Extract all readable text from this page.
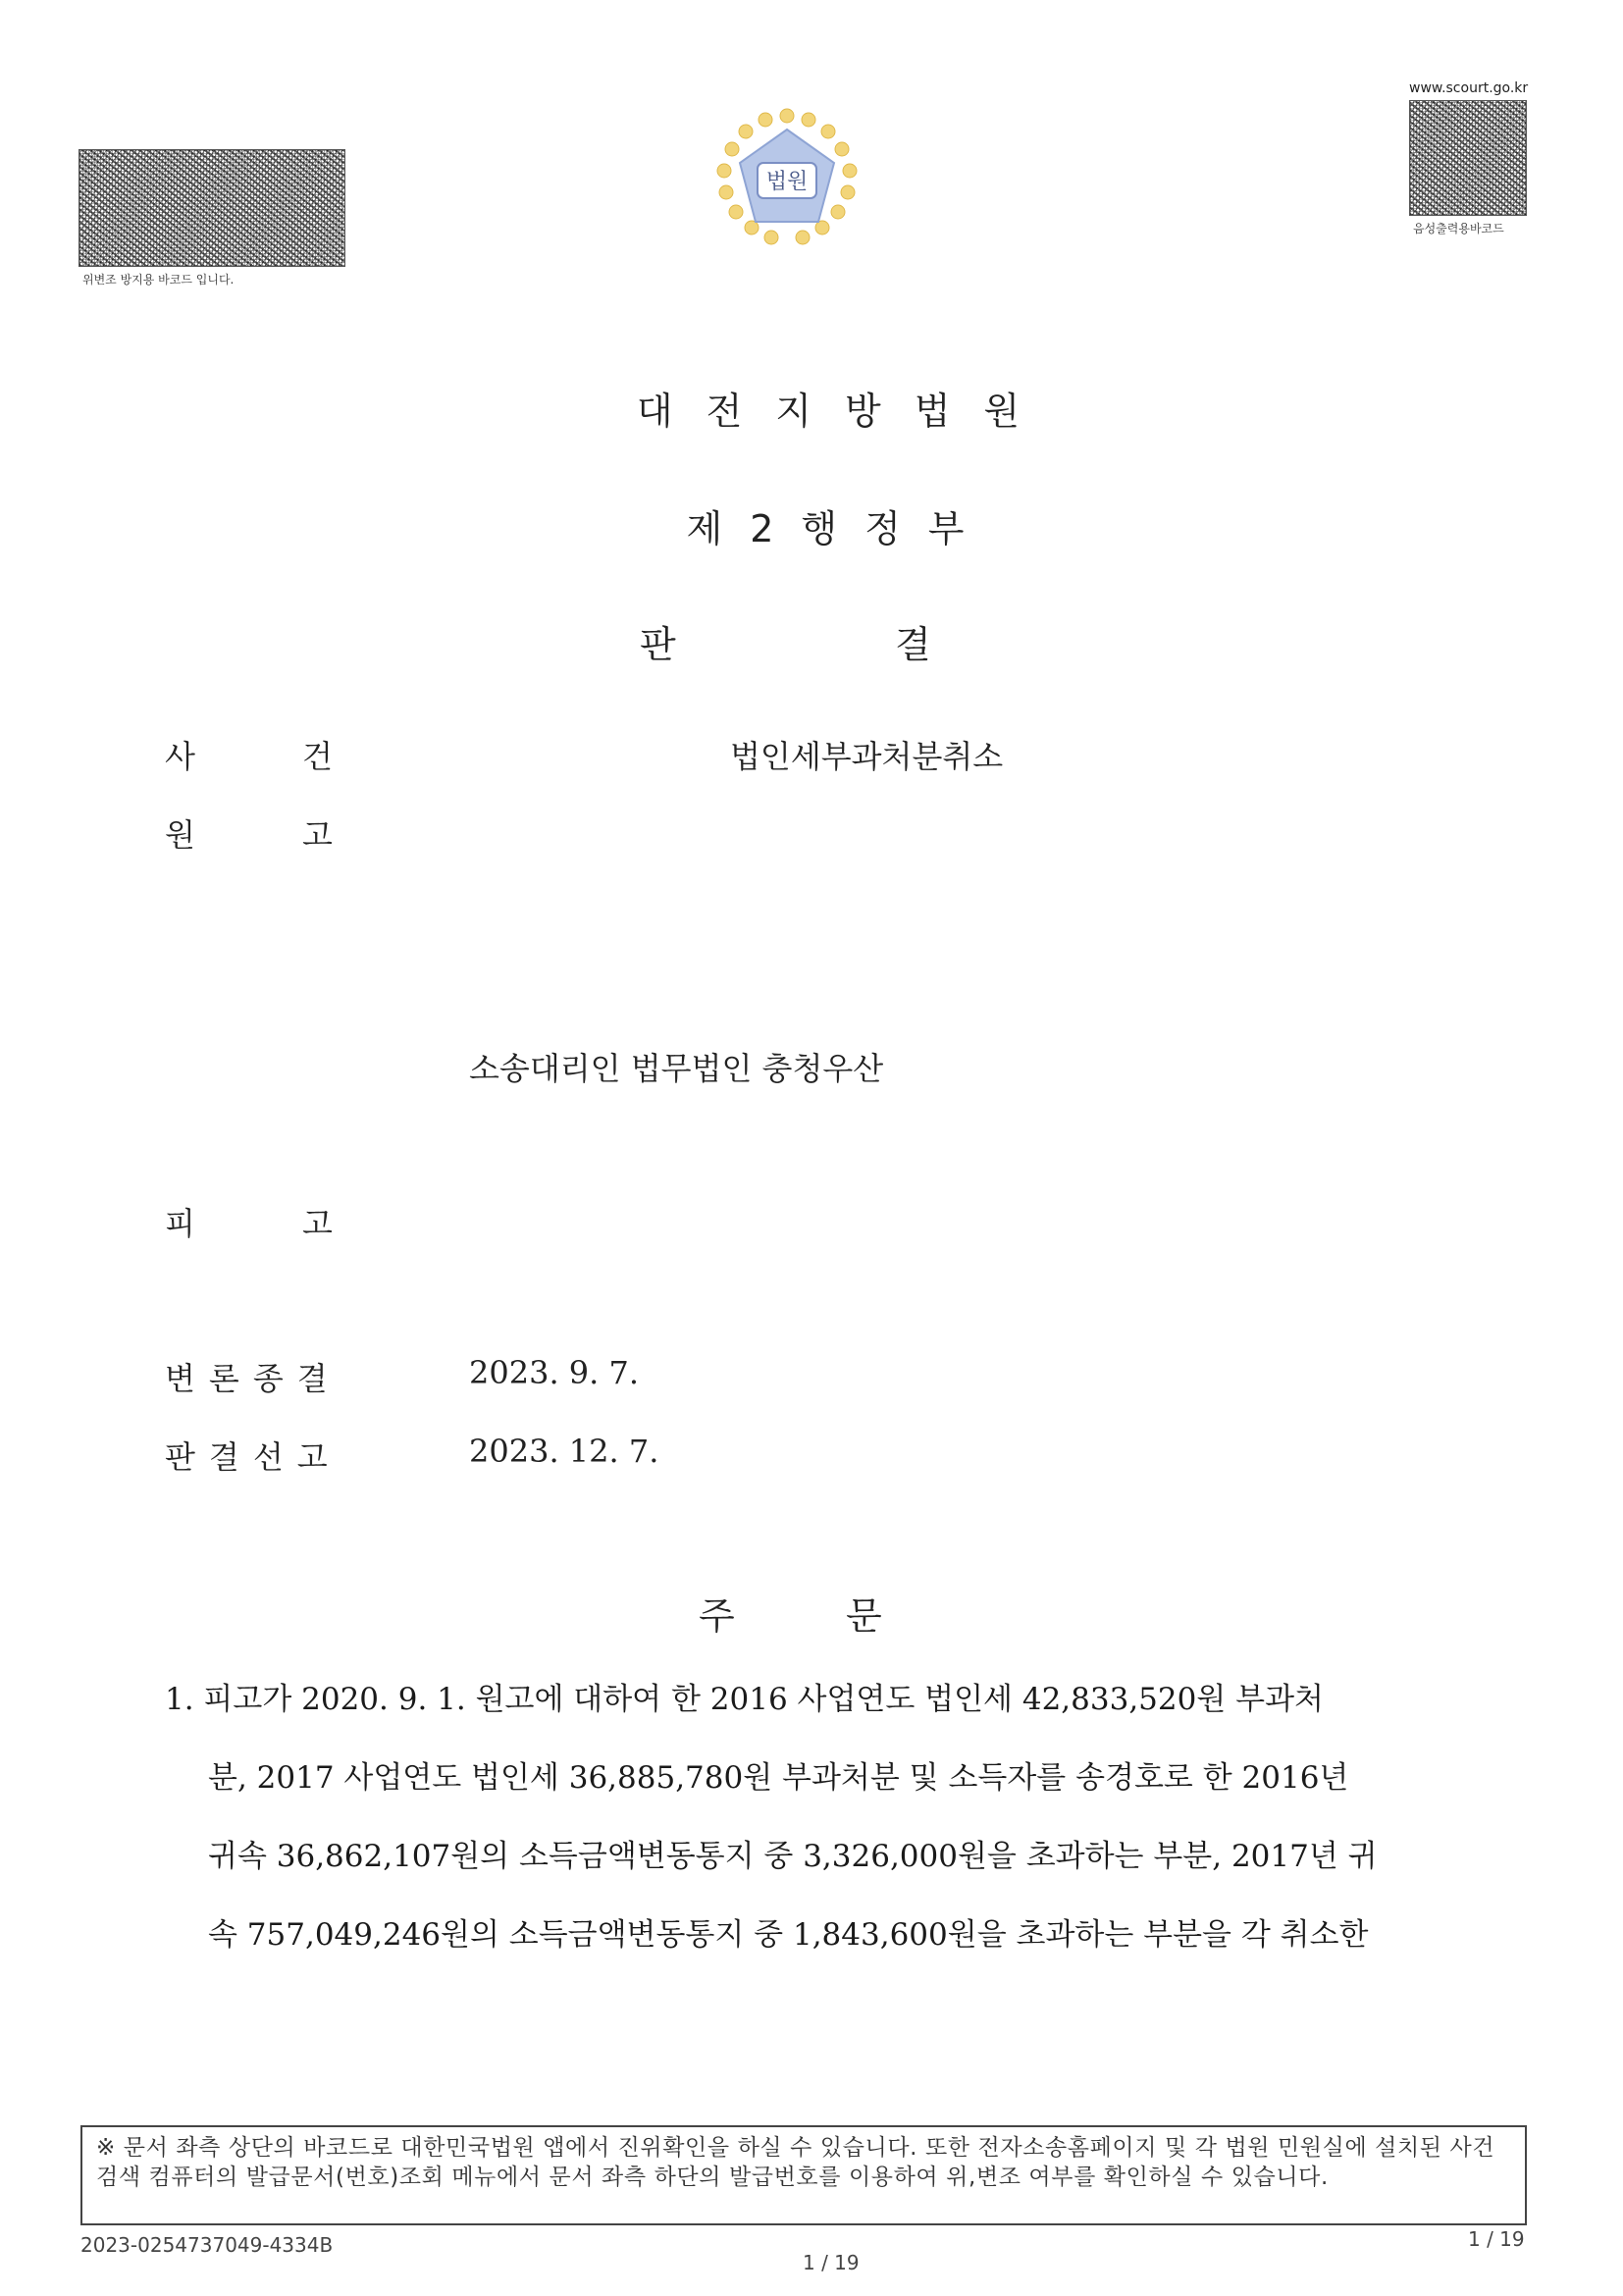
위변조 방지용 바코드 입니다.
www.scourt.go.kr
음성출력용바코드
법원
대전지방법원
제2행정부
판	결
사	건	법인세부과처분취소
원	고
소송대리인 법무법인 충청우산
피	고
변론종결	2023. 9. 7.
판결선고	2023. 12. 7.
주	문
1. 피고가 2020. 9. 1. 원고에 대하여 한 2016 사업연도 법인세 42,833,520원 부과처
분, 2017 사업연도 법인세 36,885,780원 부과처분 및 소득자를 송경호로 한 2016년
귀속 36,862,107원의 소득금액변동통지 중 3,326,000원을 초과하는 부분, 2017년 귀
속 757,049,246원의 소득금액변동통지 중 1,843,600원을 초과하는 부분을 각 취소한
※ 문서 좌측 상단의 바코드로 대한민국법원 앱에서 진위확인을 하실 수 있습니다. 또한 전자소송홈페이지 및 각 법원 민원실에 설치된 사건검색 컴퓨터의 발급문서(번호)조회 메뉴에서 문서 좌측 하단의 발급번호를 이용하여 위,변조 여부를 확인하실 수 있습니다.
2023-0254737049-4334B
1 / 19
1 / 19
